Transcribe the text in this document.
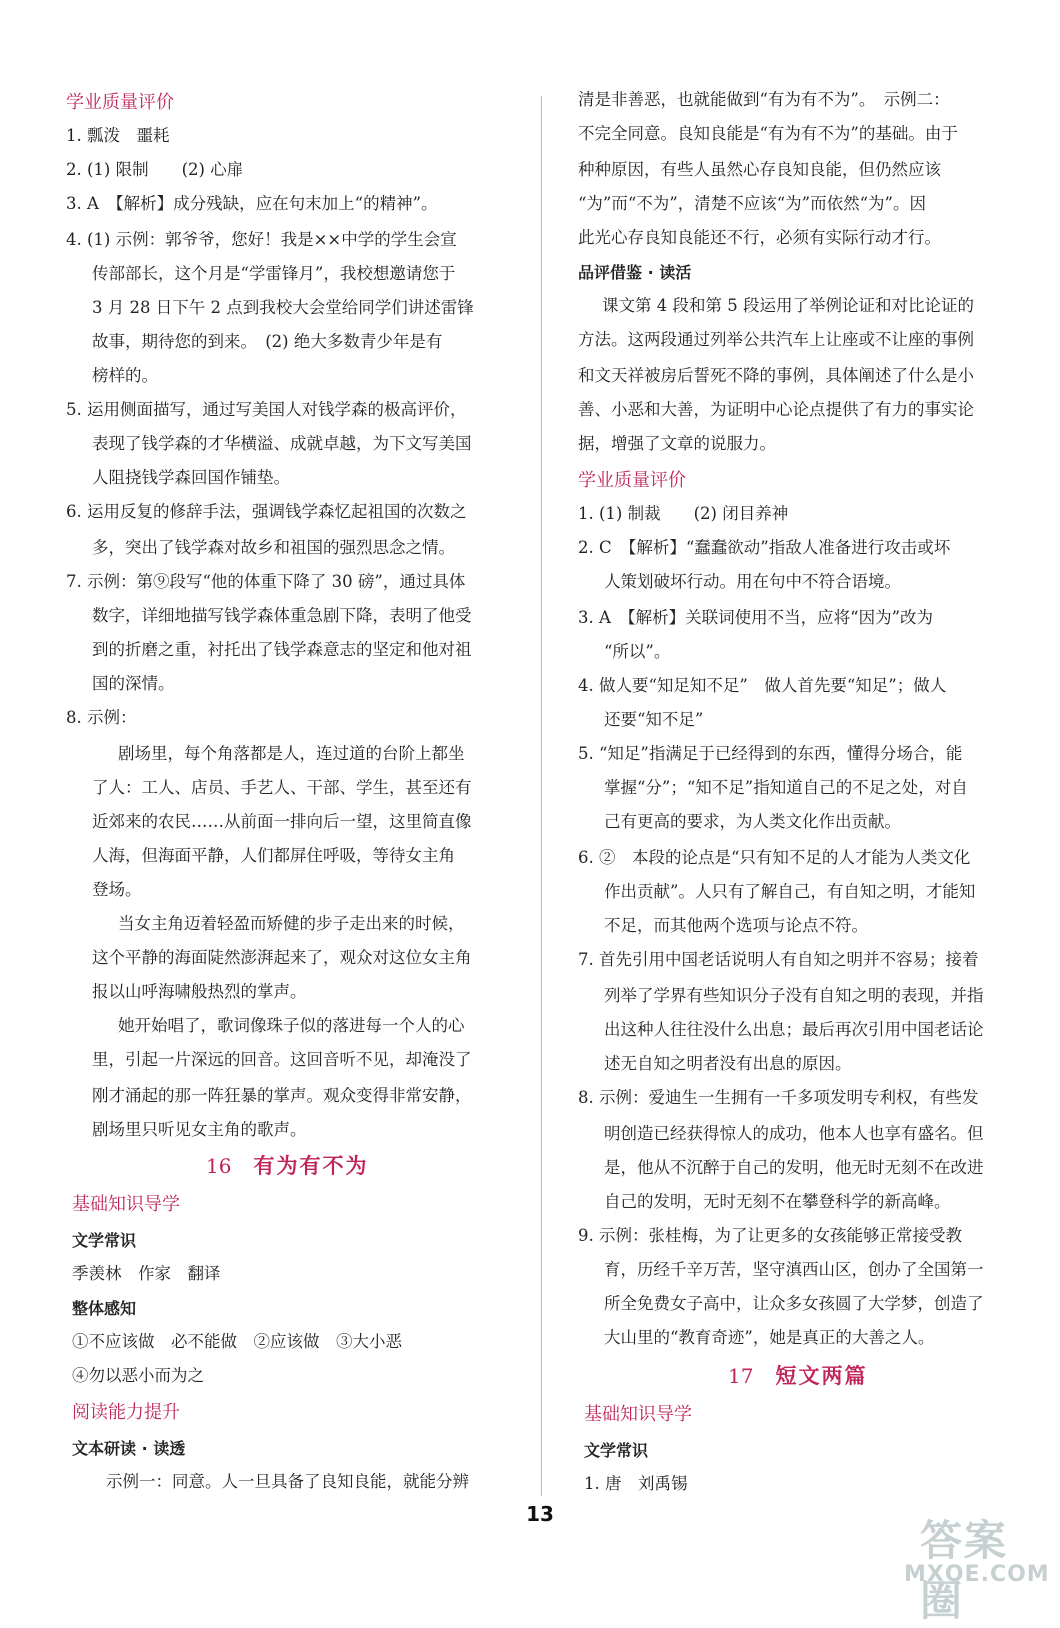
学业质量评价
1. 瓢泼　噩耗
2. (1) 限制　　(2) 心扉
3. A　【解析】成分残缺，应在句末加上“的精神”。
4. (1) 示例：郭爷爷，您好！我是××中学的学生会宣
传部部长，这个月是“学雷锋月”，我校想邀请您于
3 月 28 日下午 2 点到我校大会堂给同学们讲述雷锋
故事，期待您的到来。　(2) 绝大多数青少年是有
榜样的。
5. 运用侧面描写，通过写美国人对钱学森的极高评价，
表现了钱学森的才华横溢、成就卓越，为下文写美国
人阻挠钱学森回国作铺垫。
6. 运用反复的修辞手法，强调钱学森忆起祖国的次数之
多，突出了钱学森对故乡和祖国的强烈思念之情。
7. 示例：第⑨段写“他的体重下降了 30 磅”，通过具体
数字，详细地描写钱学森体重急剧下降，表明了他受
到的折磨之重，衬托出了钱学森意志的坚定和他对祖
国的深情。
8. 示例：
剧场里，每个角落都是人，连过道的台阶上都坐
了人：工人、店员、手艺人、干部、学生，甚至还有
近郊来的农民……从前面一排向后一望，这里简直像
人海，但海面平静，人们都屏住呼吸，等待女主角
登场。
当女主角迈着轻盈而矫健的步子走出来的时候，
这个平静的海面陡然澎湃起来了，观众对这位女主角
报以山呼海啸般热烈的掌声。
她开始唱了，歌词像珠子似的落进每一个人的心
里，引起一片深远的回音。这回音听不见，却淹没了
刚才涌起的那一阵狂暴的掌声。观众变得非常安静，
剧场里只听见女主角的歌声。
16 有为有不为
基础知识导学
文学常识
季羡林　作家　翻译
整体感知
①不应该做　必不能做　②应该做　③大小恶
④勿以恶小而为之
阅读能力提升
文本研读 · 读透
示例一：同意。人一旦具备了良知良能，就能分辨
清是非善恶，也就能做到“有为有不为”。　示例二：
不完全同意。良知良能是“有为有不为”的基础。由于
种种原因，有些人虽然心存良知良能，但仍然应该
“为”而“不为”，清楚不应该“为”而依然“为”。因
此光心存良知良能还不行，必须有实际行动才行。
品评借鉴 · 读活
课文第 4 段和第 5 段运用了举例论证和对比论证的
方法。这两段通过列举公共汽车上让座或不让座的事例
和文天祥被房后誓死不降的事例，具体阐述了什么是小
善、小恶和大善，为证明中心论点提供了有力的事实论
据，增强了文章的说服力。
学业质量评价
1. (1) 制裁　　(2) 闭目养神
2. C　【解析】“蠢蠢欲动”指敌人准备进行攻击或坏
人策划破坏行动。用在句中不符合语境。
3. A　【解析】关联词使用不当，应将“因为”改为
“所以”。
4. 做人要“知足知不足”　做人首先要“知足”；做人
还要“知不足”
5. “知足”指满足于已经得到的东西，懂得分场合，能
掌握“分”；“知不足”指知道自己的不足之处，对自
己有更高的要求，为人类文化作出贡献。
6. ②　本段的论点是“只有知不足的人才能为人类文化
作出贡献”。人只有了解自己，有自知之明，才能知
不足，而其他两个选项与论点不符。
7. 首先引用中国老话说明人有自知之明并不容易；接着
列举了学界有些知识分子没有自知之明的表现，并指
出这种人往往没什么出息；最后再次引用中国老话论
述无自知之明者没有出息的原因。
8. 示例：爱迪生一生拥有一千多项发明专利权，有些发
明创造已经获得惊人的成功，他本人也享有盛名。但
是，他从不沉醉于自己的发明，他无时无刻不在改进
自己的发明，无时无刻不在攀登科学的新高峰。
9. 示例：张桂梅，为了让更多的女孩能够正常接受教
育，历经千辛万苦，坚守滇西山区，创办了全国第一
所全免费女子高中，让众多女孩圆了大学梦，创造了
大山里的“教育奇迹”，她是真正的大善之人。
17 短文两篇
基础知识导学
文学常识
1. 唐　刘禹锡
13
答案圈
MXQE.COM
